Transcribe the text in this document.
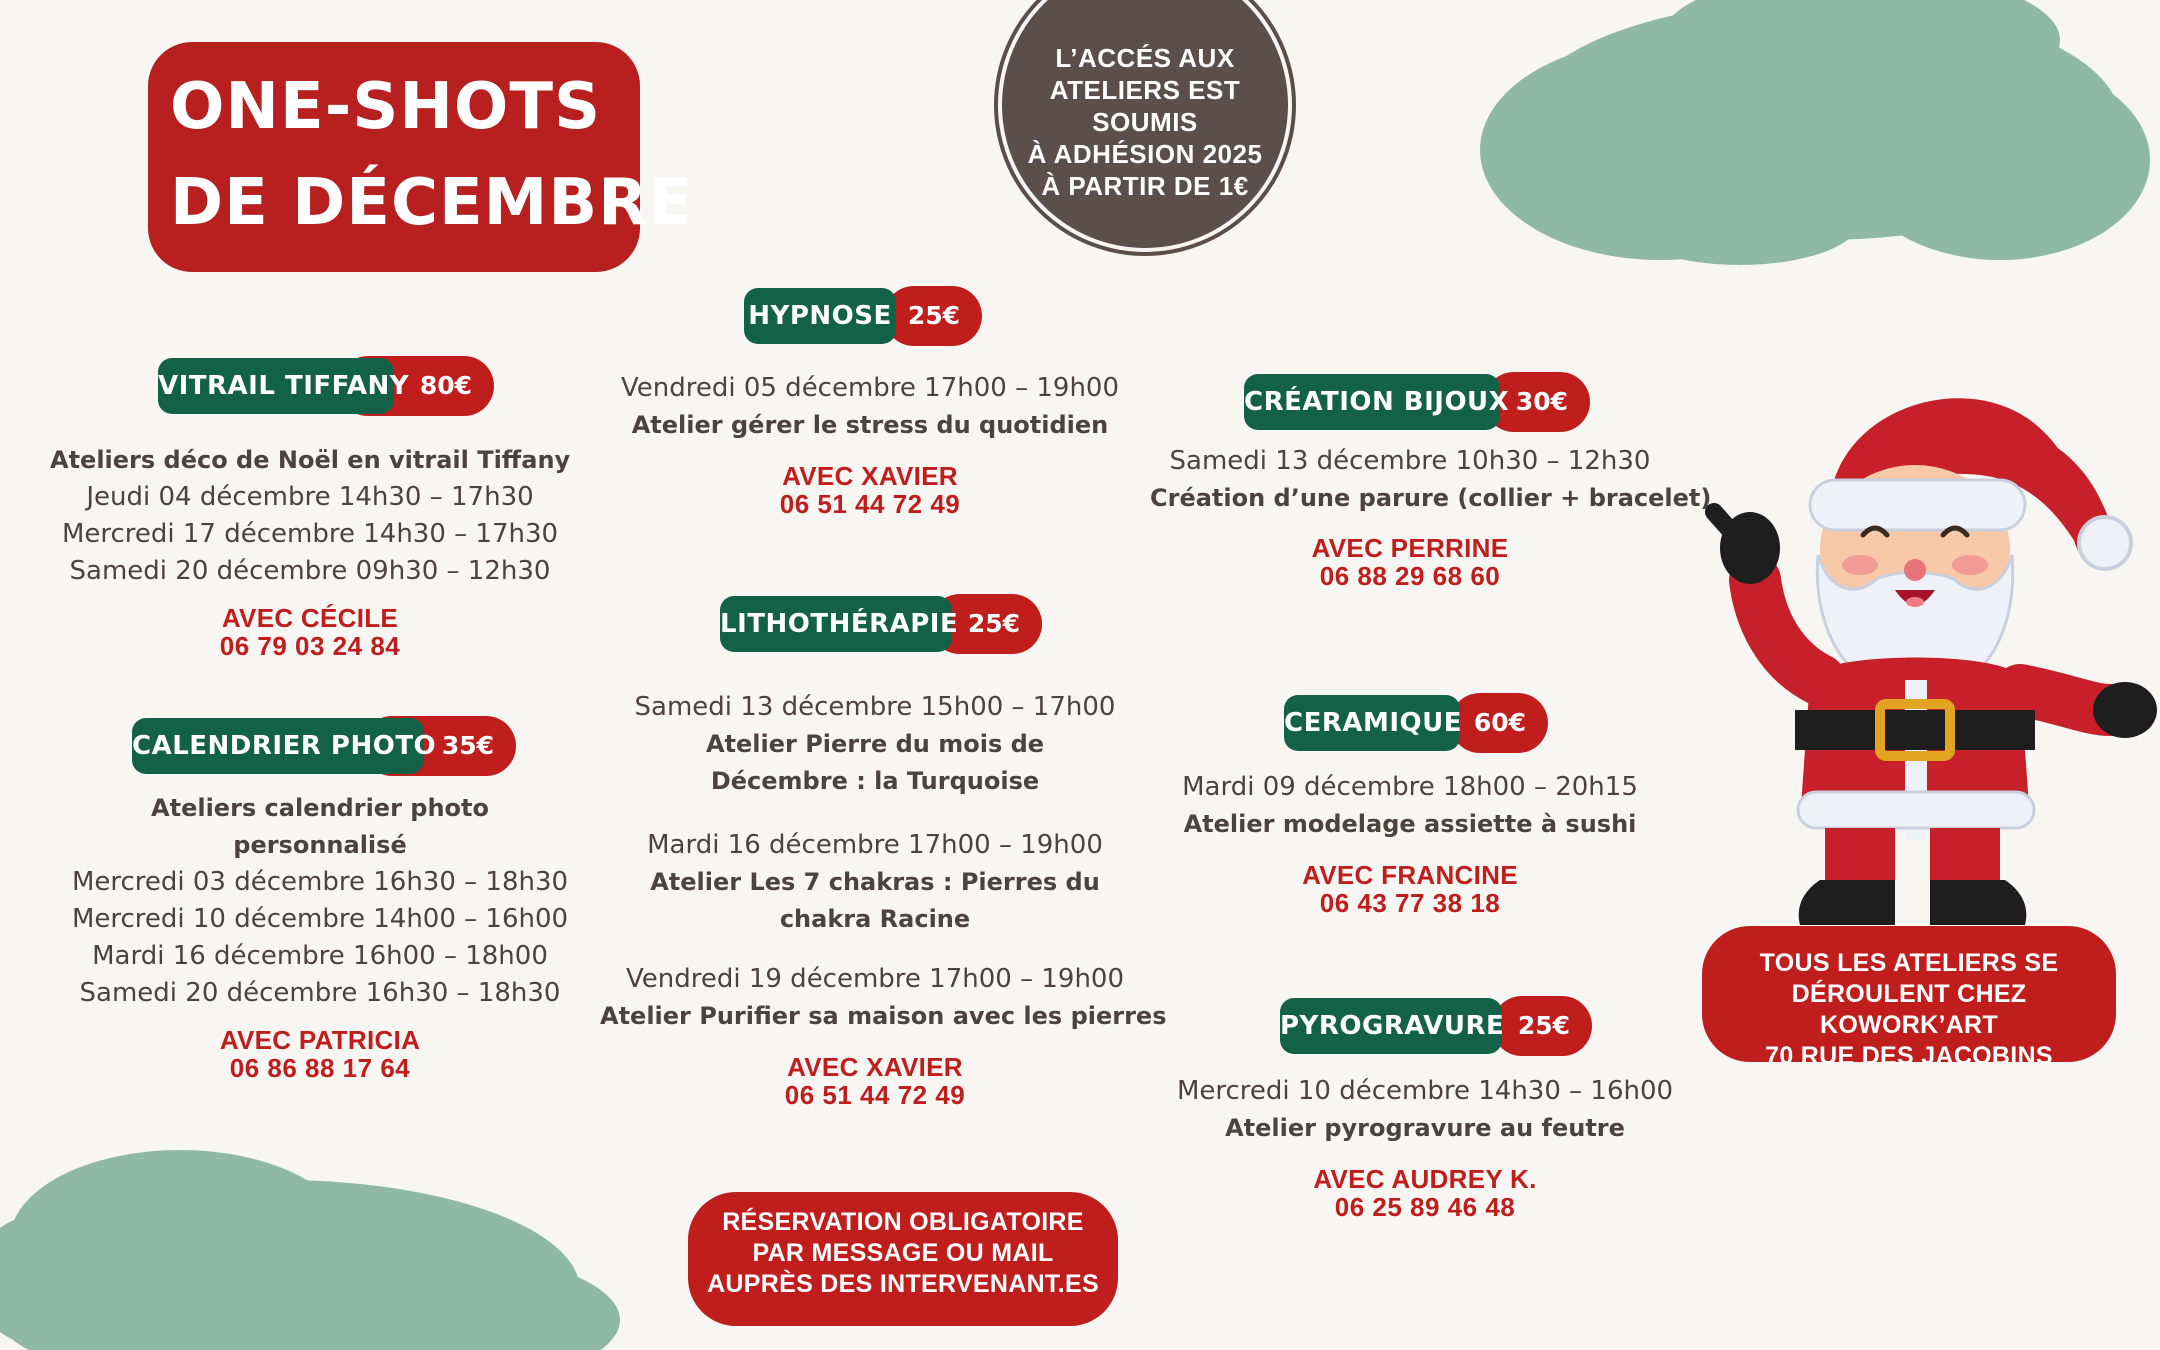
ONE-SHOTS
DE DÉCEMBRE
L’ACCÉS AUX
ATELIERS EST SOUMIS
À ADHÉSION 2025
À PARTIR DE 1€
80€
VITRAIL TIFFANY
Ateliers déco de Noël en vitrail Tiffany
Jeudi 04 décembre 14h30 – 17h30
Mercredi 17 décembre 14h30 – 17h30
Samedi 20 décembre 09h30 – 12h30
AVEC CÉCILE
06 79 03 24 84
35€
CALENDRIER PHOTO
Ateliers calendrier photo
personnalisé
Mercredi 03 décembre 16h30 – 18h30
Mercredi 10 décembre 14h00 – 16h00
Mardi 16 décembre 16h00 – 18h00
Samedi 20 décembre 16h30 – 18h30
AVEC PATRICIA
06 86 88 17 64
25€
HYPNOSE
Vendredi 05 décembre 17h00 – 19h00
Atelier gérer le stress du quotidien
AVEC XAVIER
06 51 44 72 49
25€
LITHOTHÉRAPIE
Samedi 13 décembre 15h00 – 17h00
Atelier Pierre du mois de
Décembre : la Turquoise
Mardi 16 décembre 17h00 – 19h00
Atelier Les 7 chakras : Pierres du
chakra Racine
Vendredi 19 décembre 17h00 – 19h00
Atelier Purifier sa maison avec les pierres
AVEC XAVIER
06 51 44 72 49
30€
CRÉATION BIJOUX
Samedi 13 décembre 10h30 – 12h30
Création d’une parure (collier + bracelet)
AVEC PERRINE
06 88 29 68 60
60€
CERAMIQUE
Mardi 09 décembre 18h00 – 20h15
Atelier modelage assiette à sushi
AVEC FRANCINE
06 43 77 38 18
25€
PYROGRAVURE
Mercredi 10 décembre 14h30 – 16h00
Atelier pyrogravure au feutre
AVEC AUDREY K.
06 25 89 46 48
RÉSERVATION OBLIGATOIRE
PAR MESSAGE OU MAIL
AUPRÈS DES INTERVENANT.ES
TOUS LES ATELIERS SE
DÉROULENT CHEZ KOWORK’ART
70 RUE DES JACOBINS
